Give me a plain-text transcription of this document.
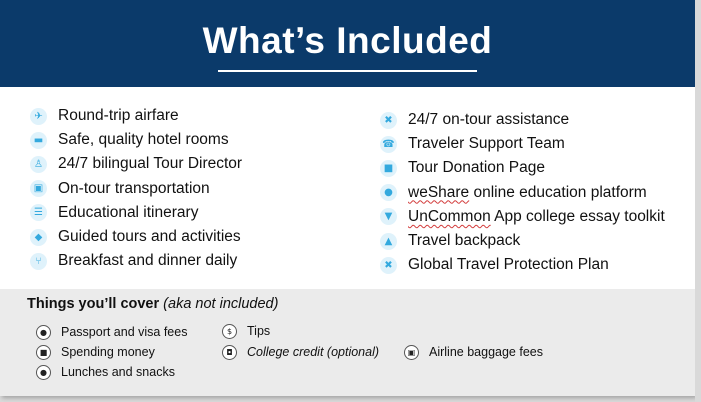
What’s Included
✈ Round-trip airfare
▬ Safe, quality hotel rooms
♙ 24/7 bilingual Tour Director
▣ On-tour transportation
☰ Educational itinerary
◆	Guided tours and activities
⑂	Breakfast and dinner daily
✖ 24/7 on-tour assistance
☎ Traveler Support Team
■ Tour Donation Page
● weShare online education platform
▼	UnCommon App college essay toolkit
▲	Travel backpack
✖ Global Travel Protection Plan
Things you’ll cover (aka not included)
●	Passport and visa fees
■ Spending money
●	Lunches and snacks
$	Tips
◘	College credit (optional)	▣ Airline baggage fees
